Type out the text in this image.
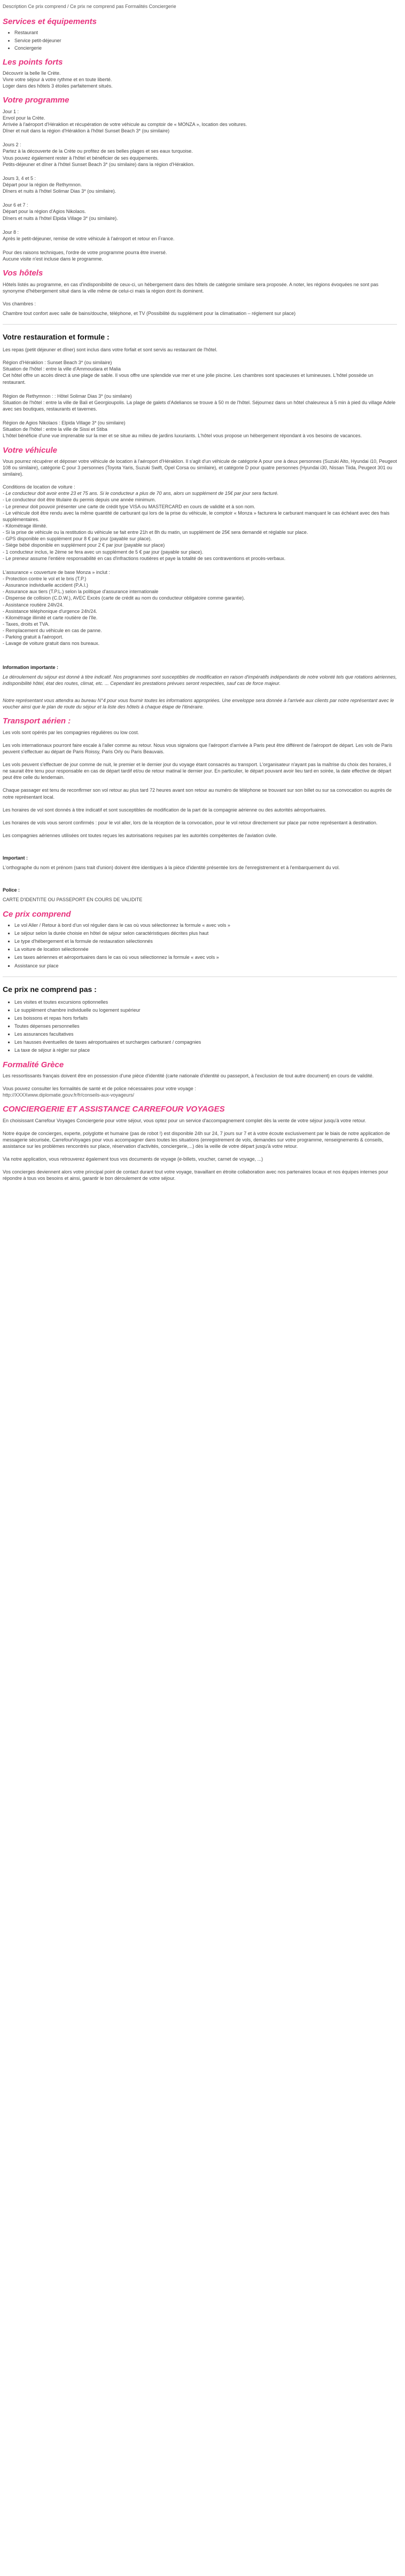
Description Ce prix comprend / Ce prix ne comprend pas Formalités Conciergerie

Services et équipements
• Restaurant
• Service petit-déjeuner
• Conciergerie
Les points forts
Découvrir la belle île Crète.
Vivre votre séjour à votre rythme et en toute liberté.
Loger dans des hôtels 3 étoiles parfaitement situés.
Votre programme
Jour 1 :
Envol pour la Crète.
Arrivée à l'aéroport d'Héraklion et récupération de votre véhicule au comptoir de « MONZA », location des voitures.
Dîner et nuit dans la région d'Héraklion à l'hôtel Sunset Beach 3* (ou similaire)
Jours 2 :
Partez à la découverte de la Crète ou profitez de ses belles plages et ses eaux turquoise.
Vous pouvez également rester à l'hôtel et bénéficier de ses équipements.
Petits-déjeuner et dîner à l'hôtel Sunset Beach 3* (ou similaire) dans la région d'Héraklion.
Jours 3, 4 et 5 :
Départ pour la région de Rethymnon.
Dîners et nuits à l'hôtel Solimar Dias 3* (ou similaire).
Jour 6 et 7 :
Départ pour la région d'Agios Nikolaos.
Dîners et nuits à l'hôtel Elpida Village 3* (ou similaire).
Jour 8 :
Après le petit-déjeuner, remise de votre véhicule à l'aéroport et retour en France.
Pour des raisons techniques, l'ordre de votre programme pourra être inversé.
Aucune visite n'est incluse dans le programme.
Vos hôtels

Hôtels listés au programme, en cas d'indisponibilité de ceux-ci, un hébergement dans des hôtels de catégorie similaire sera proposée. A noter, les régions évoquées ne sont pas synonyme d'hébergement situé dans la ville même de celui-ci mais la région dont ils dominent.

Vos chambres :

Chambre tout confort avec salle de bains/douche, téléphone, et TV (Possibilité du supplément pour la climatisation – réglement sur place)

Votre restauration et formule :

Les repas (petit déjeuner et dîner) sont inclus dans votre forfait et sont servis au restaurant de l'hôtel.

Région d'Héraklion : Sunset Beach 3* (ou similaire)
Situation de l'hôtel : entre la ville d'Ammoudara et Malia
Cet hôtel offre un accès direct à une plage de sable. Il vous offre une splendide vue mer et une jolie piscine. Les chambres sont spacieuses et lumineuses. L'hôtel possède un restaurant.
Région de Rethymnon : : Hôtel Solimar Dias 3* (ou similaire)
Situation de l'hôtel : entre la ville de Bali et Georgioupolis. La plage de galets d'Adelianos se trouve à 50 m de l'hôtel. Séjournez dans un hôtel chaleureux à 5 min à pied du village Adele avec ses boutiques, restaurants et tavernes.
Région de Agios Nikolaos : Elpida Village 3* (ou similaire)
Situation de l'hôtel : entre la ville de Sissi et Stiba
L'hôtel bénéficie d'une vue imprenable sur la mer et se situe au milieu de jardins luxuriants. L'hôtel vous propose un hébergement répondant à vos besoins de vacances.
Votre véhicule

Vous pourrez récupérer et déposer votre véhicule de location à l'aéroport d'Héraklion. Il s'agit d'un véhicule de catégorie A pour une à deux personnes (Suzuki Alto, Hyundai i10, Peugeot 108 ou similaire), catégorie C pour 3 personnes (Toyota Yaris, Suzuki Swift, Opel Corsa ou similaire), et catégorie D pour quatre personnes (Hyundai i30, Nissan Tiida, Peugeot 301 ou similaire).

Conditions de location de voiture :
- Le conducteur doit avoir entre 23 et 75 ans. Si le conducteur a plus de 70 ans, alors un supplément de 15€ par jour sera facturé.
- Le conducteur doit être titulaire du permis depuis une année minimum.
- Le preneur doit pouvoir présenter une carte de crédit type VISA ou MASTERCARD en cours de validité et à son nom.
- Le véhicule doit être rendu avec la même quantité de carburant qui lors de la prise du véhicule, le comptoir « Monza » facturera le carburant manquant le cas échéant avec des frais supplémentaires.
- Kilométrage illimité.
- Si la prise de véhicule ou la restitution du véhicule se fait entre 21h et 8h du matin, un supplément de 25€ sera demandé et réglable sur place.
- GPS disponible en supplément pour 8 € par jour (payable sur place).
- Siège bébé disponible en supplément pour 2 € par jour (payable sur place)
- 1 conducteur inclus, le 2ème se fera avec un supplément de 5 € par jour (payable sur place).
- Le preneur assume l'entière responsabilité en cas d'infractions routières et paye la totalité de ses contraventions et procès-verbaux.
L'assurance « couverture de base Monza » inclut :
- Protection contre le vol et le bris (T.P.)
- Assurance individuelle accident (P.A.I.)
- Assurance aux tiers (T.P.L.) selon la politique d'assurance internationale
- Dispense de collision (C.D.W.), AVEC Excès (carte de crédit au nom du conducteur obligatoire comme garantie).
- Assistance routière 24h/24.
- Assistance téléphonique d'urgence 24h/24.
- Kilométrage illimité et carte routière de l'île.
- Taxes, droits et TVA.
- Remplacement du véhicule en cas de panne.
- Parking gratuit à l'aéroport.
- Lavage de voiture gratuit dans nos bureaux.

Information importante :

Le déroulement du séjour est donné à titre indicatif. Nos programmes sont susceptibles de modification en raison d'impératifs indépendants de notre volonté tels que rotations aériennes, indisponibilité hôtel, état des routes, climat, etc. ... Cependant les prestations prévues seront respectées, sauf cas de force majeur.

Notre représentant vous attendra au bureau N°4 pour vous fournir toutes les informations appropriées. Une enveloppe sera donnée à l'arrivée aux clients par notre représentant avec le voucher ainsi que le plan de route du séjour et la liste des hôtels à chaque étape de l'itinéraire.

Transport aérien :

Les vols sont opérés par les compagnies régulières ou low cost.

Les vols internationaux pourront faire escale à l'aller comme au retour. Nous vous signalons que l'aéroport d'arrivée à Paris peut être différent de l'aéroport de départ. Les vols de Paris peuvent s'effectuer au départ de Paris Roissy, Paris Orly ou Paris Beauvais.

Les vols peuvent s'effectuer de jour comme de nuit, le premier et le dernier jour du voyage étant consacrés au transport. L'organisateur n'ayant pas la maîtrise du choix des horaires, il ne saurait être tenu pour responsable en cas de départ tardif et/ou de retour matinal le dernier jour. En particulier, le départ pouvant avoir lieu tard en soirée, la date effective de départ peut être celle du lendemain.

Chaque passager est tenu de reconfirmer son vol retour au plus tard 72 heures avant son retour au numéro de téléphone se trouvant sur son billet ou sur sa convocation ou auprès de notre représentant local.

Les horaires de vol sont donnés à titre indicatif et sont susceptibles de modification de la part de la compagnie aérienne ou des autorités aéroportuaires.

Les horaires de vols vous seront confirmés : pour le vol aller, lors de la réception de la convocation, pour le vol retour directement sur place par notre représentant à destination.

Les compagnies aériennes utilisées ont toutes reçues les autorisations requises par les autorités compétentes de l'aviation civile.

Important :

L'orthographe du nom et prénom (sans trait d'union) doivent être identiques à la pièce d'identité présentée lors de l'enregistrement et à l'embarquement du vol.

Police :

CARTE D'IDENTITE OU PASSEPORT EN COURS DE VALIDITE

Ce prix comprend
▪ Le vol Aller / Retour à bord d'un vol régulier dans le cas où vous sélectionnez la formule « avec vols »
▪ Le séjour selon la durée choisie en hôtel de séjour selon caractéristiques décrites plus haut
▪ Le type d'hébergement et la formule de restauration sélectionnés
▪ La voiture de location sélectionnée
▪ Les taxes aériennes et aéroportuaires dans le cas où vous sélectionnez la formule « avec vols »
▪ Assistance sur place
Ce prix ne comprend pas :
▪ Les visites et toutes excursions optionnelles
▪ Le supplément chambre individuelle ou logement supérieur
▪ Les boissons et repas hors forfaits
▪ Toutes dépenses personnelles
▪ Les assurances facultatives
▪ Les hausses éventuelles de taxes aéroportuaires et surcharges carburant / compagnies
▪ La taxe de séjour à régler sur place
Formalité Grèce

Les ressortissants français doivent être en possession d'une pièce d'identité (carte nationale d'identité ou passeport, à l'exclusion de tout autre document) en cours de validité.

Vous pouvez consulter les formalités de santé et de police nécessaires pour votre voyage :
http://XXXXwww.diplomatie.gouv.fr/fr/conseils-aux-voyageurs/

CONCIERGERIE ET ASSISTANCE CARREFOUR VOYAGES

En choisissant Carrefour Voyages Conciergerie pour votre séjour, vous optez pour un service d'accompagnement complet dès la vente de votre séjour jusqu'à votre retour.

Notre équipe de concierges, experte, polyglotte et humaine (pas de robot !) est disponible 24h sur 24, 7 jours sur 7 et à votre écoute exclusivement par le biais de notre application de messagerie sécurisée, CarrefourVoyages pour vous accompagner dans toutes les situations (enregistrement de vols, demandes sur votre programme, renseignements & conseils, assistance sur les problèmes rencontrés sur place, réservation d'activités, conciergerie,...) dès la veille de votre départ jusqu'à votre retour.

Via notre application, vous retrouverez également tous vos documents de voyage (e-billets, voucher, carnet de voyage, ...)

Vos concierges deviennent alors votre principal point de contact durant tout votre voyage, travaillant en étroite collaboration avec nos partenaires locaux et nos équipes internes pour répondre à tous vos besoins et ainsi, garantir le bon déroulement de votre séjour.
